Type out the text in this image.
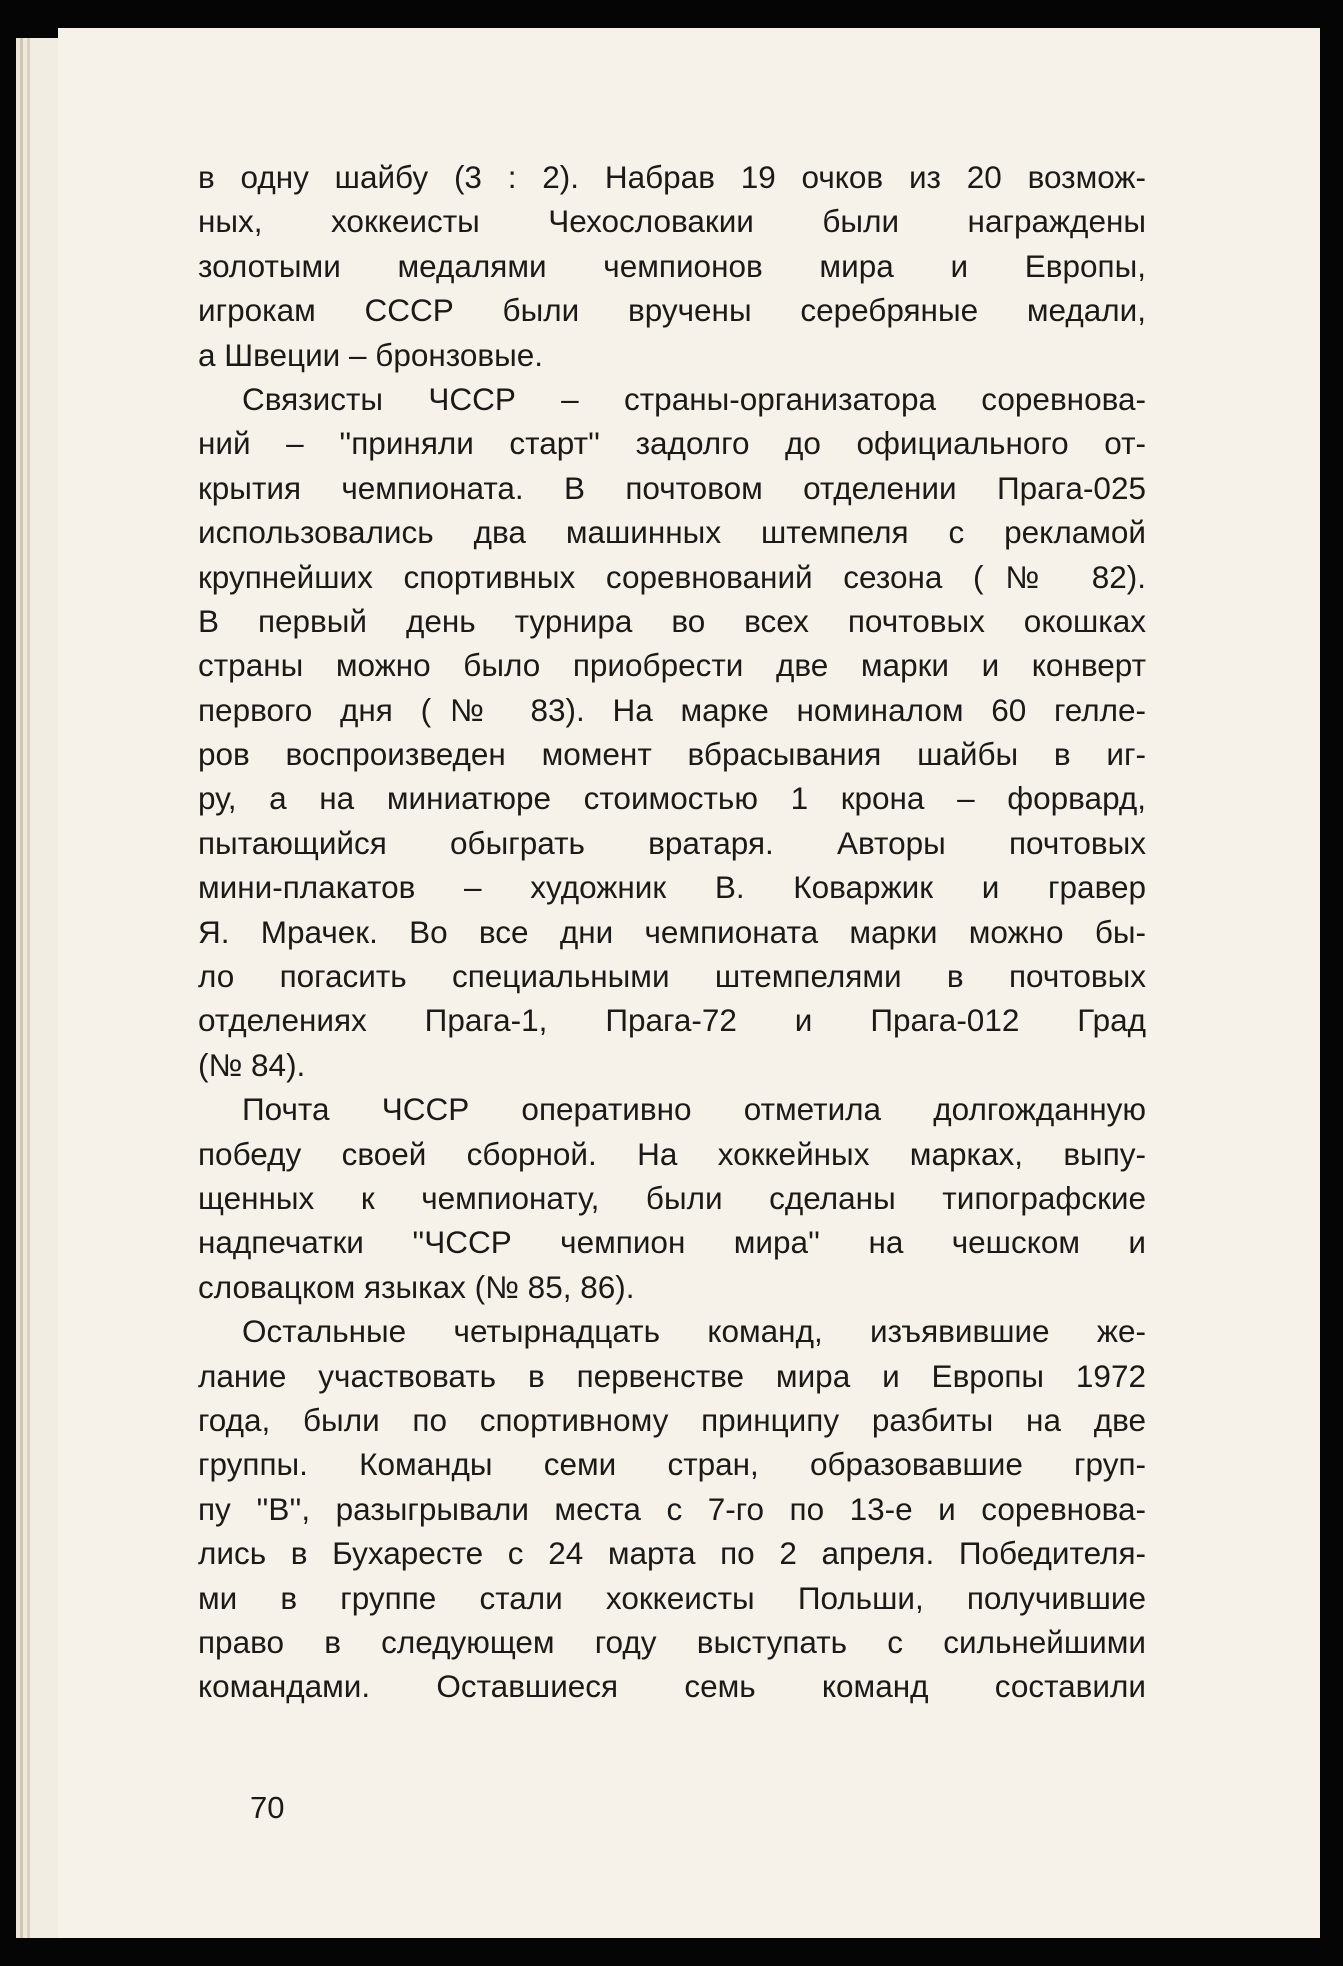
в одну шайбу (3 : 2). Набрав 19 очков из 20 возмож-
ных, хоккеисты Чехословакии были награждены
золотыми медалями чемпионов мира и Европы,
игрокам СССР были вручены серебряные медали,
а Швеции – бронзовые.
Связисты ЧССР – страны-организатора соревнова-
ний – ''приняли старт'' задолго до официального от-
крытия чемпионата. В почтовом отделении Прага-025
использовались два машинных штемпеля с рекламой
крупнейших спортивных соревнований сезона (№ 82).
В первый день турнира во всех почтовых окошках
страны можно было приобрести две марки и конверт
первого дня (№ 83). На марке номиналом 60 гелле-
ров воспроизведен момент вбрасывания шайбы в иг-
ру, а на миниатюре стоимостью 1 крона – форвард,
пытающийся обыграть вратаря. Авторы почтовых
мини-плакатов – художник В. Коваржик и гравер
Я. Мрачек. Во все дни чемпионата марки можно бы-
ло погасить специальными штемпелями в почтовых
отделениях Прага-1, Прага-72 и Прага-012 Град
(№ 84).
Почта ЧССР оперативно отметила долгожданную
победу своей сборной. На хоккейных марках, выпу-
щенных к чемпионату, были сделаны типографские
надпечатки ''ЧССР чемпион мира'' на чешском и
словацком языках (№ 85, 86).
Остальные четырнадцать команд, изъявившие же-
лание участвовать в первенстве мира и Европы 1972
года, были по спортивному принципу разбиты на две
группы. Команды семи стран, образовавшие груп-
пу ''В'', разыгрывали места с 7-го по 13-е и соревнова-
лись в Бухаресте с 24 марта по 2 апреля. Победителя-
ми в группе стали хоккеисты Польши, получившие
право в следующем году выступать с сильнейшими
командами. Оставшиеся семь команд составили
70
